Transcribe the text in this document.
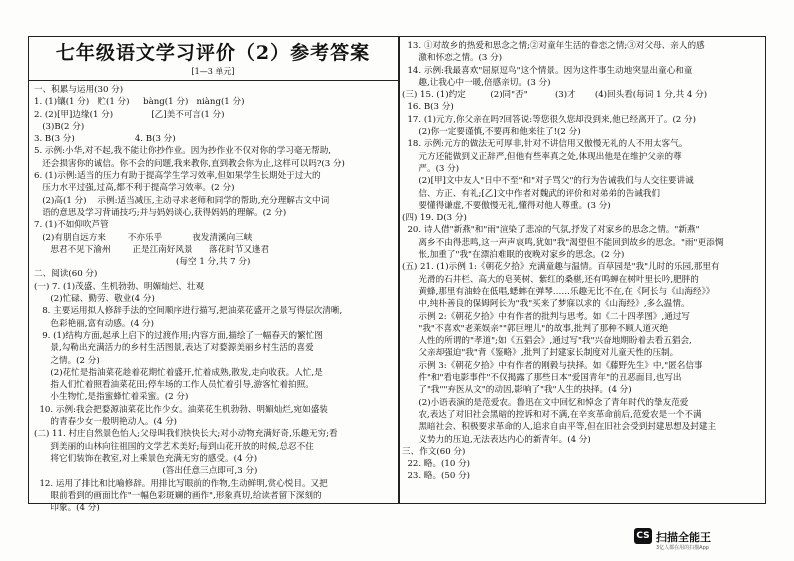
七年级语文学习评价（2）参考答案
[1—3 单元]
一、积累与运用(30 分)
1. (1)镶(1 分)   贮(1 分)     bàng(1 分)   niàng(1 分)
2. (2)[甲]边缘(1 分)              [乙]美不可言(1 分)
(3)B(2 分)
3. B(3 分)                      4. B(3 分)
5. 示例:小华,对不起,我不能让你抄作业。因为抄作业不仅对你的学习毫无帮助,
还会损害你的诚信。你不会的问题,我来教你,直到教会你为止,这样可以吗?(3 分)
6. (1)示例:适当的压力有助于提高学生学习效率,但如果学生长期处于过大的
压力水平过强,过高,都不利于提高学习效率。(2 分)
(2)高(1 分)    示例:适当减压,主动寻求老师和同学的帮助,充分理解古文中词
语的意思及学习背诵技巧;并与妈妈谈心,获得妈妈的理解。(2 分)
7. (1)不如仰吹芦管
(2)有朋自远方来        不亦乐乎           夜发清溪向三峡
思君不见下渝州        正是江南好风景      落花时节又逢君
(每空 1 分,共 7 分)
二、阅读(60 分)
(一) 7. (1)茂盛、生机勃勃、明媚灿烂、壮观
(2)忙碌、勤劳、敬业(4 分)
8. 主要运用拟人修辞手法的空间顺序进行描写,把油菜花盛开之景写得层次清晰,
色彩艳丽,富有动感。(4 分)
9. (1)结构方面,起承上启下的过渡作用;内容方面,描绘了一幅春天的繁忙图
景,勾勒出充满活力的乡村生活图景,表达了对婺源美丽乡村生活的喜爱
之情。(2 分)
(2)花忙是指油菜花趁着花期忙着盛开,忙着成熟,散发,走向收获。人忙,是
指人们忙着照看油菜花田;停车场的工作人员忙着引导,游客忙着拍照。
小生物忙,是指蜜蜂忙着采蜜。(2 分)
10. 示例:我会把婺源油菜花比作少女。油菜花生机勃勃、明媚灿烂,宛如盛装
的青春少女一般明艳动人。(4 分)
(二) 11. 村庄自然景色怡人;父母叫我们快快长大;对小动物充满好奇,乐趣无穷;看
到美丽的山林向往祖国的文学艺术美好;每到山花开放的时候,总忍不住
将它们装饰在教室,对上乘景色充满无穷的感受。(4 分)
(答出任意三点即可,3 分)
12. 运用了排比和比喻修辞。用排比写眼前的作物,生动鲜明,赏心悦目。又把
眼前看到的画面比作"一幅色彩斑斓的画作",形象真切,给读者留下深刻的
印象。(4 分)
13. ①对故乡的热爱和思念之情;②对童年生活的眷恋之情;③对父母、亲人的感
激和怀恋之情。(3 分)
14. 示例:我最喜欢"屈原逗鸟"这个情景。因为这件事生动地突显出童心和童
趣,让我心中一暖,倍感亲切。(3 分)
(三) 15. (1)约定         (2)同"否"          (3)才       (4)回头看(每词 1 分,共 4 分)
16. B(3 分)
17. (1)元方,你父亲在吗?回答说:等您很久您却没到来,他已经离开了。(2 分)
(2)你一定要谨慎,不要再和他来往了!(2 分)
18. 示例:元方的做法无可厚非,针对不讲信用又傲慢无礼的人不用太客气。
元方还能做到义正辞严,但他有些率真之处,体现出他是在维护父亲的尊
严。(3 分)
(2)[甲]文中友人"日中不至"和"对子骂父"的行为告诫我们与人交往要讲诚
信、方正、有礼;[乙]文中作者对魏武的评价和对弟弟的告诫我们
要懂得谦虚,不要傲慢无礼,懂得对他人尊重。(3 分)
(四) 19. D(3 分)
20. 诗人借"新燕"和"雨"渲染了悲凉的气氛,抒发了对家乡的思念之情。"新燕"
离乡不由得悲鸣,这一声声哀鸣,犹如"我"渴望但不能回到故乡的思念。"雨"更添惆
怅,加重了"我"在漂泊难眠的夜晚对家乡的思念。(2 分)
(五) 21. (1)示例 1:《朝花夕拾》充满童趣与温情。百草园是"我"儿时的乐园,那里有
光滑的石井栏、高大的皂荚树、紫红的桑椹,还有鸣蝉在树叶里长吟,肥胖的
黄蜂,那里有油蛉在低唱,蟋蟀在弹琴……乐趣无比不在,在《阿长与《山海经》》
中,纯朴善良的保姆阿长为"我"买来了梦寐以求的《山海经》,多么温情。
示例 2:《朝花夕拾》中有作者的批判与思考。如《二十四孝图》,通过写
"我"不喜欢"老莱娱亲""郭巨埋儿"的故事,批判了那种不顾人道灭绝
人性的所谓的"孝道";如《五猖会》,通过写"我"兴奋地期盼着去看五猖会,
父亲却强迫"我"背《鉴略》,批判了封建家长制度对儿童天性的压制。
示例 3:《朝花夕拾》中有作者的刚毅与抉择。如《藤野先生》中,"匿名信事
件"和"看电影事件"不仅揭露了那些日本"爱国青年"的丑恶面目,也写出
了"我""弃医从文"的动因,影响了"我"人生的抉择。(4 分)
(2)小语表演的是范爱农。鲁迅在文中回忆和悼念了青年时代的挚友范爱
农,表达了对旧社会黑暗的控诉和对不满,在辛亥革命前后,范爱农是一个不满
黑暗社会、积极要求革命的人,追求自由平等,但在旧社会受到封建思想及封建主
义势力的压迫,无法表达内心的新青年。(4 分)
三、作文(60 分)
22. 略。(10 分)
23. 略。(50 分)
CS 扫描全能王
3亿人都在用的扫描App
